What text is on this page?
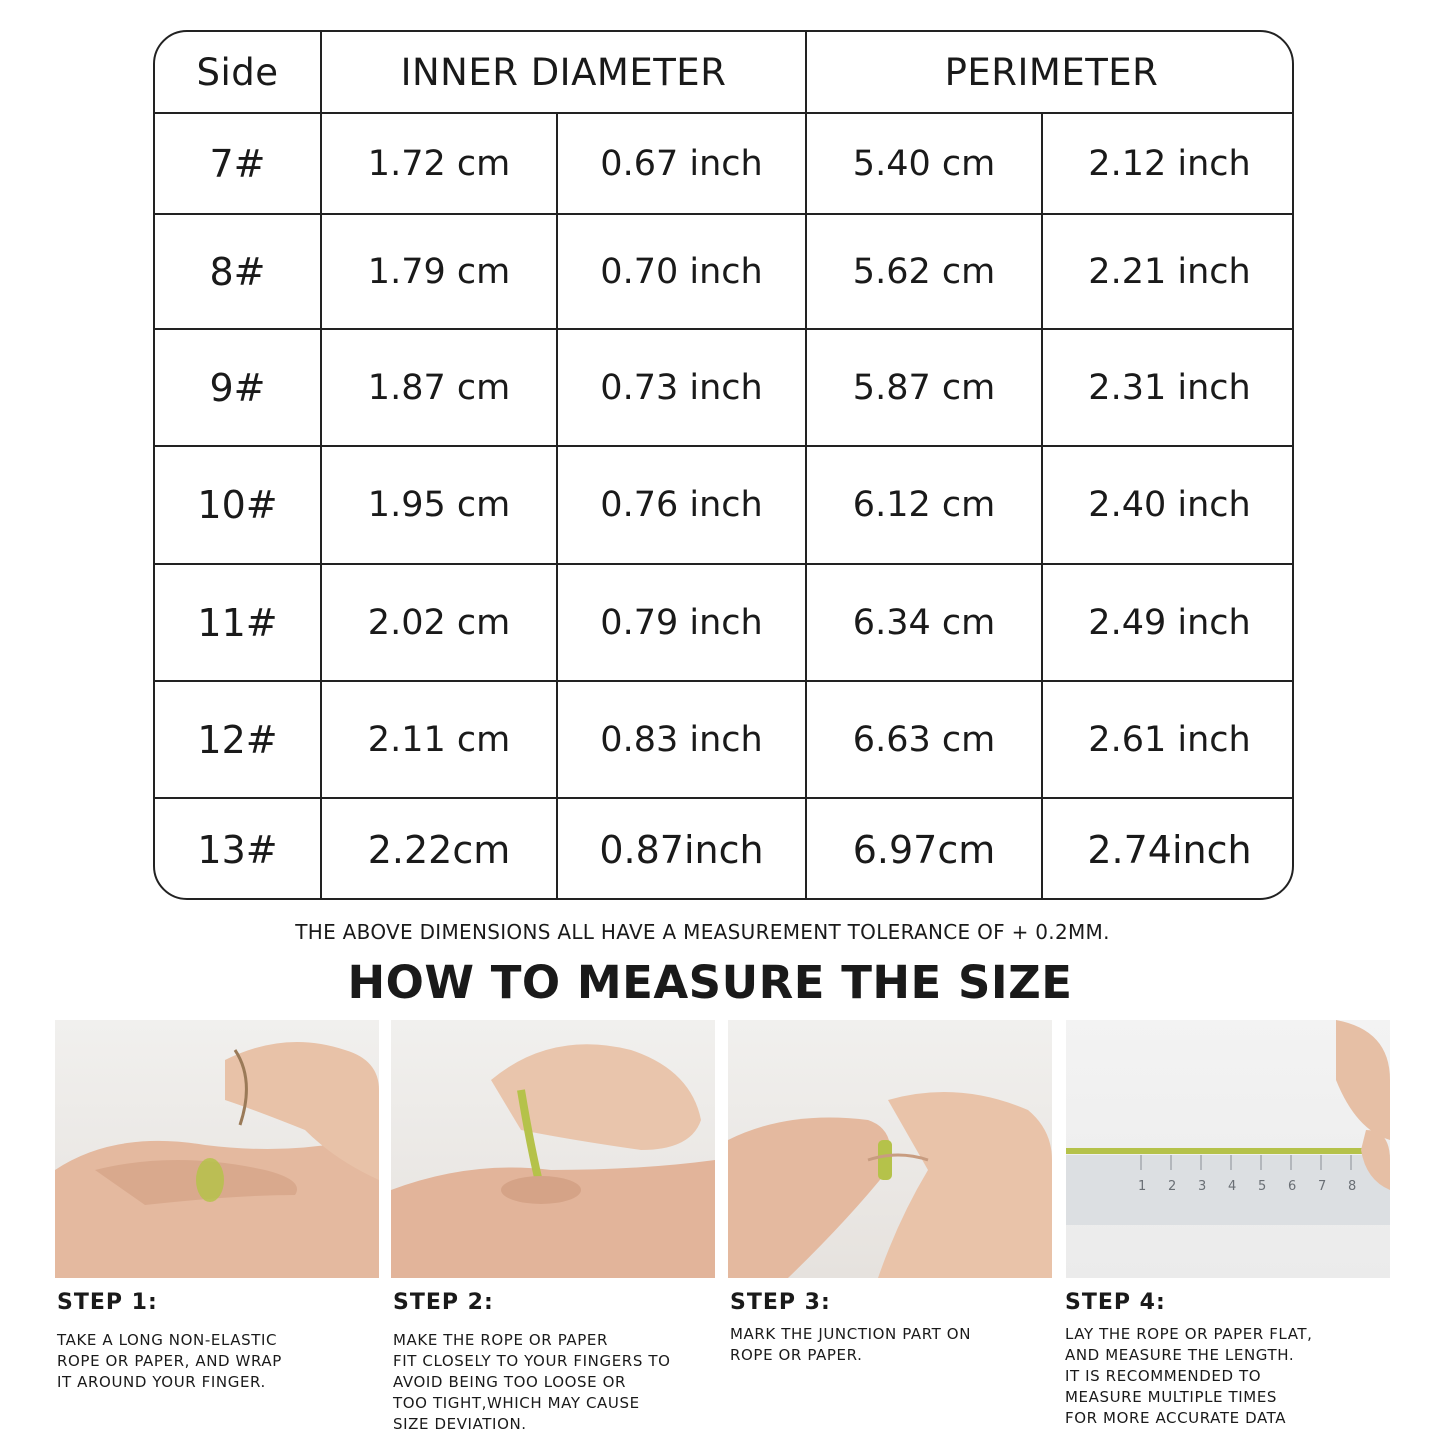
Side	INNER DIAMETER	PERIMETER
7#	1.72 cm	0.67 inch	5.40 cm	2.12 inch
8#	1.79 cm	0.70 inch	5.62 cm	2.21 inch
9#	1.87 cm	0.73 inch	5.87 cm	2.31 inch
10#	1.95 cm	0.76 inch	6.12 cm	2.40 inch
11#	2.02 cm	0.79 inch	6.34 cm	2.49 inch
12#	2.11 cm	0.83 inch	6.63 cm	2.61 inch
13#	2.22cm	0.87inch	6.97cm	2.74inch
THE ABOVE DIMENSIONS ALL HAVE A MEASUREMENT TOLERANCE OF + 0.2MM.
HOW TO MEASURE THE SIZE
1 2 3 4 5 6 7 8
STEP 1:
TAKE A LONG NON-ELASTIC
ROPE OR PAPER, AND WRAP
IT AROUND YOUR FINGER.
STEP 2:
MAKE THE ROPE OR PAPER
FIT CLOSELY TO YOUR FINGERS TO
AVOID BEING TOO LOOSE OR
TOO TIGHT,WHICH MAY CAUSE
SIZE DEVIATION.
STEP 3:
MARK THE JUNCTION PART ON
ROPE OR PAPER.
STEP 4:
LAY THE ROPE OR PAPER FLAT,
AND MEASURE THE LENGTH.
IT IS RECOMMENDED TO
MEASURE MULTIPLE TIMES
FOR MORE ACCURATE DATA
